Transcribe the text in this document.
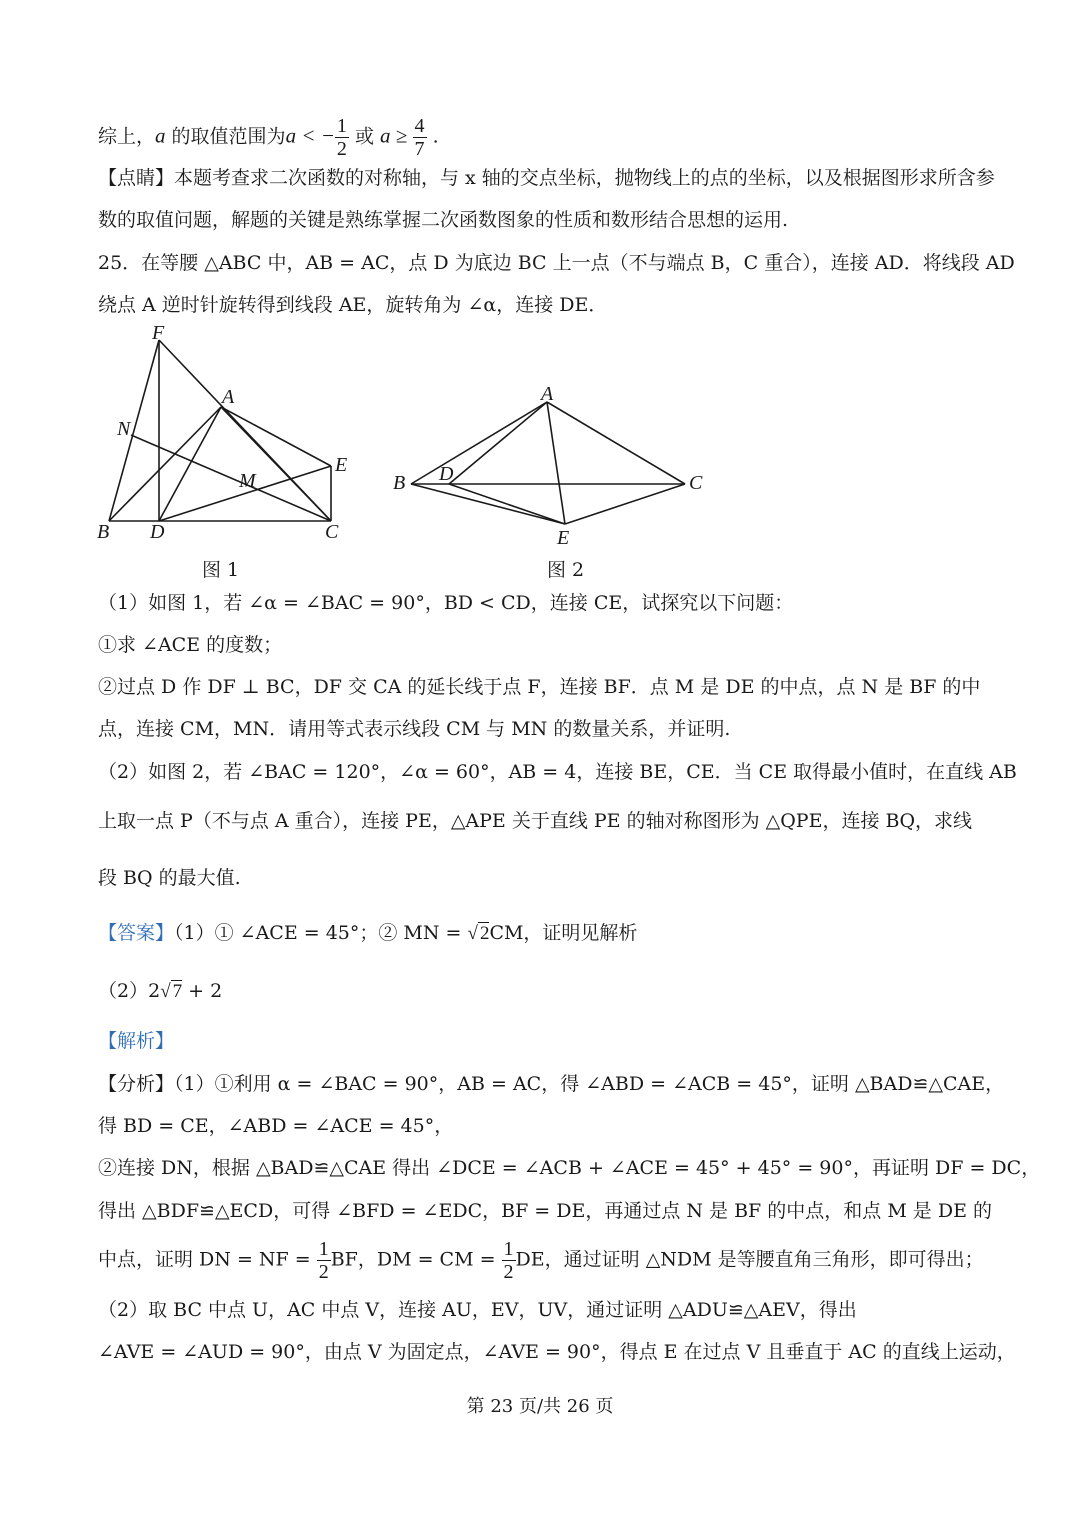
综上，a 的取值范围为a < − $\frac{1}{2}$ 或 $a \ge \frac{4}{7}$ .
【点睛】本题考查求二次函数的对称轴，与 x 轴的交点坐标，抛物线上的点的坐标，以及根据图形求所含参
数的取值问题，解题的关键是熟练掌握二次函数图象的性质和数形结合思想的运用.
25．在等腰 △ABC 中，AB = AC，点 D 为底边 BC 上一点（不与端点 B，C 重合），连接 AD．将线段 AD
绕点 A 逆时针旋转得到线段 AE，旋转角为 ∠α，连接 DE．
F
A
N
E
M
B D	C
图 1
A
B D	C
E
图 2
（1）如图 1，若 ∠α = ∠BAC = 90°，BD < CD，连接 CE，试探究以下问题：
①求 ∠ACE 的度数；
②过点 D 作 DF ⊥ BC，DF 交 CA 的延长线于点 F，连接 BF．点 M 是 DE 的中点，点 N 是 BF 的中
点，连接 CM，MN．请用等式表示线段 CM 与 MN 的数量关系，并证明.
（2）如图 2，若 ∠BAC = 120°，∠α = 60°，AB = 4，连接 BE，CE．当 CE 取得最小值时，在直线 AB
上取一点 P（不与点 A 重合），连接 PE，△APE 关于直线 PE 的轴对称图形为 △QPE，连接 BQ，求线
段 BQ 的最大值.
【答案】（1）① ∠ACE = 45°；② MN = √ 2CM，证明见解析
（2）2√ 7 + 2
【解析】
【分析】（1）①利用 α = ∠BAC = 90°，AB = AC，得 ∠ABD = ∠ACB = 45°，证明 △BAD≌△CAE，
得 BD = CE，∠ABD = ∠ACE = 45°，
②连接 DN，根据 △BAD≌△CAE 得出 ∠DCE = ∠ACB + ∠ACE = 45° + 45° = 90°，再证明 DF = DC，
得出 △BDF≌△ECD，可得 ∠BFD = ∠EDC，BF = DE，再通过点 N 是 BF 的中点，和点 M 是 DE 的
中点，证明 DN = NF = $\frac{1}{2}$ BF，DM = CM = $\frac{1}{2}$ DE，通过证明 △NDM 是等腰直角三角形，即可得出；
（2）取 BC 中点 U，AC 中点 V，连接 AU，EV，UV，通过证明 △ADU≌△AEV，得出
∠AVE = ∠AUD = 90°，由点 V 为固定点，∠AVE = 90°，得点 E 在过点 V 且垂直于 AC 的直线上运动，
第 23 页/共 26 页
